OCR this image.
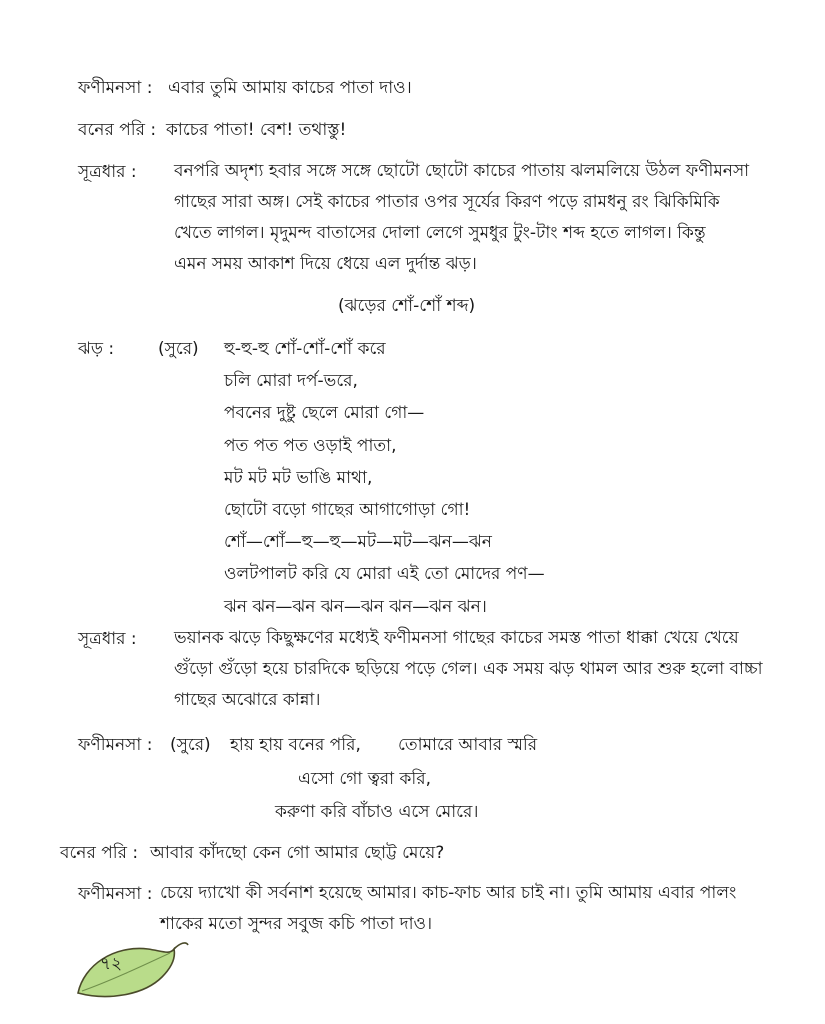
ফণীমনসা : এবার তুমি আমায় কাচের পাতা দাও।
বনের পরি : কাচের পাতা! বেশ! তথাস্তু!
সূত্রধার : বনপরি অদৃশ্য হবার সঙ্গে সঙ্গে ছোটো ছোটো কাচের পাতায় ঝলমলিয়ে উঠল ফণীমনসা
গাছের সারা অঙ্গ। সেই কাচের পাতার ওপর সূর্যের কিরণ পড়ে রামধনু রং ঝিকিমিকি
খেতে লাগল। মৃদুমন্দ বাতাসের দোলা লেগে সুমধুর টুং-টাং শব্দ হতে লাগল। কিন্তু
এমন সময় আকাশ দিয়ে ধেয়ে এল দুর্দান্ত ঝড়।
(ঝড়ের শোঁ-শোঁ শব্দ)
ঝড় :	(সুরে) হু-হু-হু শোঁ-শোঁ-শোঁ করে
চলি মোরা দর্প-ভরে,
পবনের দুষ্টু ছেলে মোরা গো—
পত পত পত ওড়াই পাতা,
মট মট মট ভাঙি মাথা,
ছোটো বড়ো গাছের আগাগোড়া গো!
শোঁ—শোঁ—হু—হু—মট—মট—ঝন—ঝন
ওলটপালট করি যে মোরা এই তো মোদের পণ—
ঝন ঝন—ঝন ঝন—ঝন ঝন—ঝন ঝন।
সূত্রধার : ভয়ানক ঝড়ে কিছুক্ষণের মধ্যেই ফণীমনসা গাছের কাচের সমস্ত পাতা ধাক্কা খেয়ে খেয়ে
গুঁড়ো গুঁড়ো হয়ে চারদিকে ছড়িয়ে পড়ে গেল। এক সময় ঝড় থামল আর শুরু হলো বাচ্চা
গাছের অঝোরে কান্না।
ফণীমনসা : (সুরে) হায় হায় বনের পরি, তোমারে আবার স্মরি
এসো গো ত্বরা করি,
করুণা করি বাঁচাও এসে মোরে।
বনের পরি : আবার কাঁদছো কেন গো আমার ছোট্ট মেয়ে?
ফণীমনসা : চেয়ে দ্যাখো কী সর্বনাশ হয়েছে আমার। কাচ-ফাচ আর চাই না। তুমি আমায় এবার পালং
শাকের মতো সুন্দর সবুজ কচি পাতা দাও।
৭২
